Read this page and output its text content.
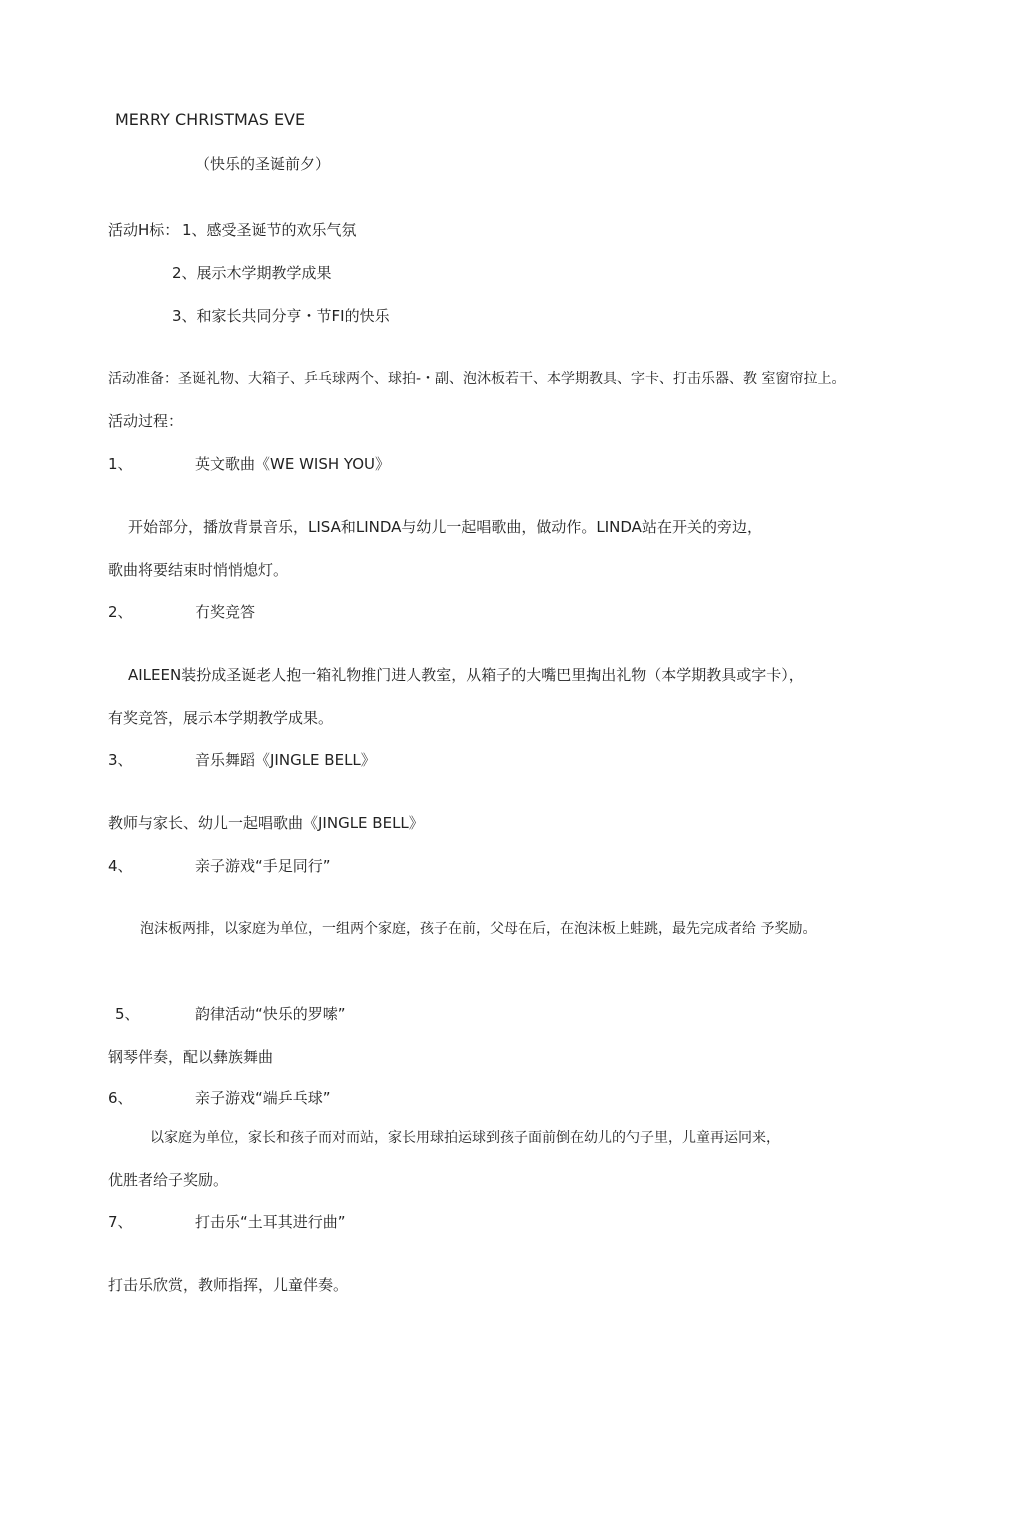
MERRY CHRISTMAS EVE
（快乐的圣诞前夕）
活动H标： 1、感受圣诞节的欢乐气氛
2、展示木学期教学成果
3、和家长共同分亨・节FI的快乐
活动准备：圣诞礼物、大箱子、乒乓球两个、球拍-・副、泡沐板若干、本学期教具、字卡、打击乐器、教 室窗帘拉上。
活动过程：
1、	英文歌曲《WE WISH YOU》
开始部分，播放背景音乐，LISA和LINDA与幼儿一起唱歌曲，做动作。LINDA站在开关的旁边，
歌曲将要结束时悄悄熄灯。
2、	冇奖竞答
AILEEN装扮成圣诞老人抱一箱礼物推门进人教室，从箱子的大嘴巴里掏出礼物（本学期教具或字卡），
有奖竞答，展示本学期教学成果。
3、	音乐舞蹈《JINGLE BELL》
教师与家长、幼儿一起唱歌曲《JINGLE BELL》
4、	亲子游戏“手足同行”
泡沫板两排，以家庭为单位，一组两个家庭，孩子在前，父母在后，在泡沫板上蛙跳，最先完成者给 予奖励。
5、	韵律活动“快乐的罗嗦”
钢琴伴奏，配以彝族舞曲
6、	亲子游戏“端乒乓球”
以家庭为单位，家长和孩子而对而站，家长用球拍运球到孩子面前倒在幼儿的勺子里，儿童再运冋来，
优胜者给子奖励。
7、	打击乐“土耳其进行曲”
打击乐欣赏，教师指挥，儿童伴奏。
